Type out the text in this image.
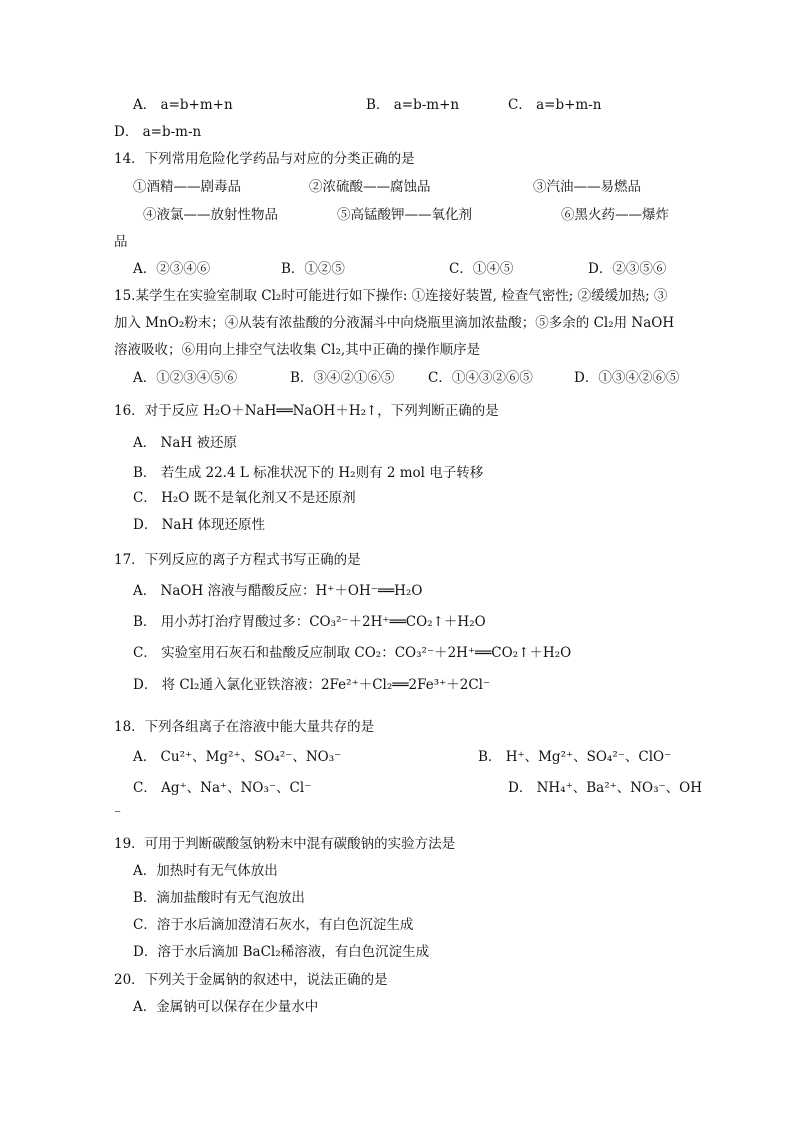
A． a=b+m+n	B． a=b-m+n	C． a=b+m-n
D． a=b-m-n
14．下列常用危险化学药品与对应的分类正确的是
①酒精——剧毒品	②浓硫酸——腐蚀品	③汽油——易燃品
④液氯——放射性物品	⑤高锰酸钾——氧化剂	⑥黑火药——爆炸
品
A．②③④⑥	B．①②⑤	C．①④⑤	D．②③⑤⑥
15.某学生在实验室制取 Cl₂时可能进行如下操作: ①连接好装置, 检查气密性; ②缓缓加热; ③
加入 MnO₂粉末；④从装有浓盐酸的分液漏斗中向烧瓶里滴加浓盐酸；⑤多余的 Cl₂用 NaOH
溶液吸收；⑥用向上排空气法收集 Cl₂,其中正确的操作顺序是
A．①②③④⑤⑥	B．③④②①⑥⑤ C．①④③②⑥⑤	D．①③④②⑥⑤
16．对于反应 H₂O＋NaH══NaOH＋H₂↑，下列判断正确的是
A． NaH 被还原
B． 若生成 22.4 L 标准状况下的 H₂则有 2 mol 电子转移
C． H₂O 既不是氧化剂又不是还原剂
D． NaH 体现还原性
17．下列反应的离子方程式书写正确的是
A． NaOH 溶液与醋酸反应：H⁺＋OH⁻══H₂O
B． 用小苏打治疗胃酸过多：CO₃²⁻＋2H⁺══CO₂↑＋H₂O
C． 实验室用石灰石和盐酸反应制取 CO₂：CO₃²⁻＋2H⁺══CO₂↑＋H₂O
D． 将 Cl₂通入氯化亚铁溶液：2Fe²⁺＋Cl₂══2Fe³⁺＋2Cl⁻
18．下列各组离子在溶液中能大量共存的是
A． Cu²⁺、Mg²⁺、SO₄²⁻、NO₃⁻	B． H⁺、Mg²⁺、SO₄²⁻、ClO⁻
C． Ag⁺、Na⁺、NO₃⁻、Cl⁻	D． NH₄⁺、Ba²⁺、NO₃⁻、OH
⁻
19．可用于判断碳酸氢钠粉末中混有碳酸钠的实验方法是
A．加热时有无气体放出
B．滴加盐酸时有无气泡放出
C．溶于水后滴加澄清石灰水，有白色沉淀生成
D．溶于水后滴加 BaCl₂稀溶液，有白色沉淀生成
20．下列关于金属钠的叙述中，说法正确的是
A．金属钠可以保存在少量水中
